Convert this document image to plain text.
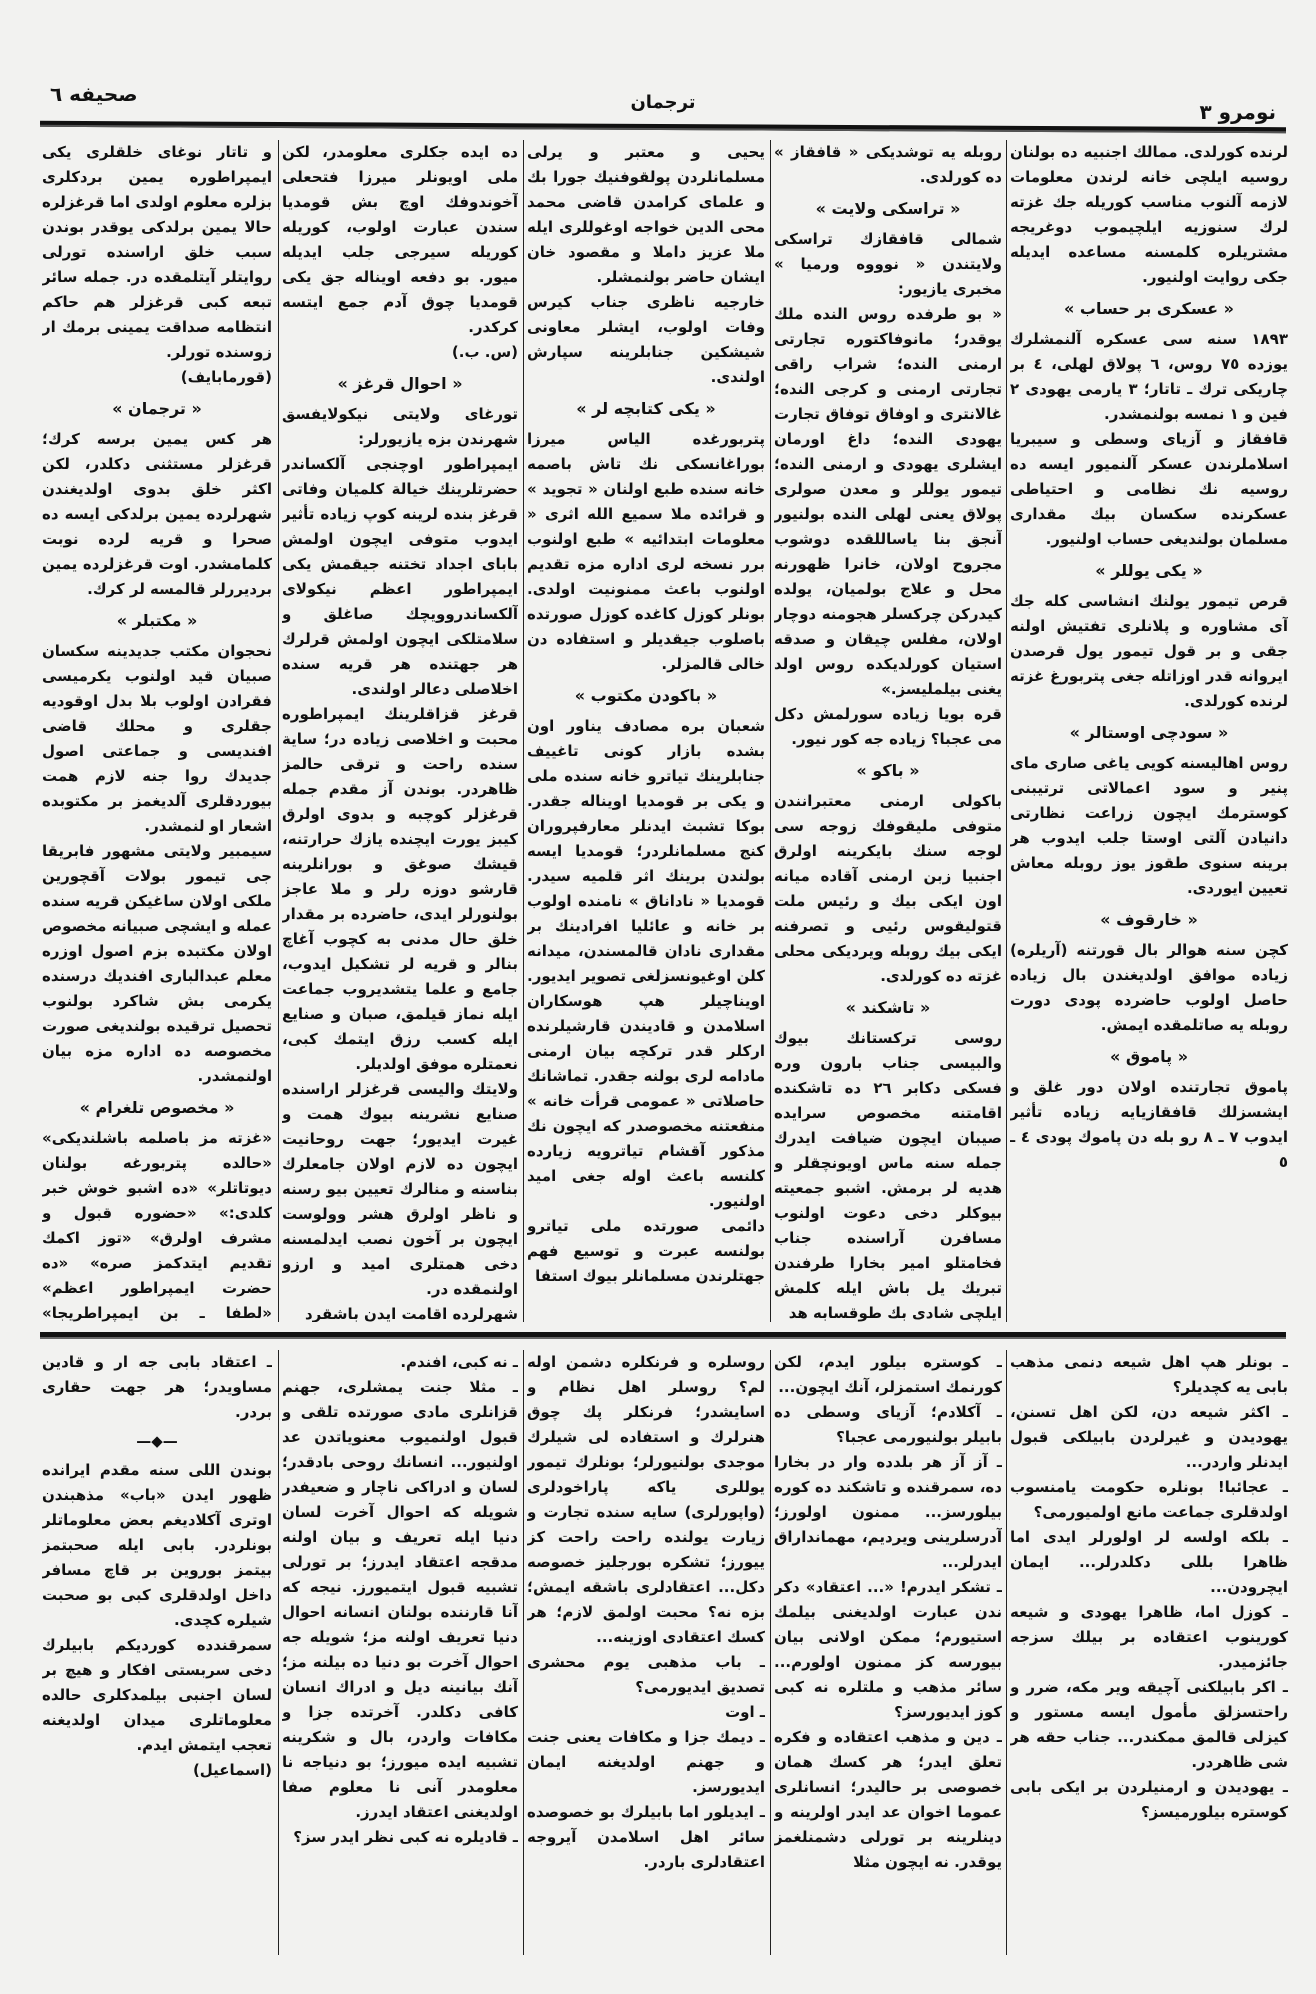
نومرو ٣
ترجمان
صحيفه ٦

لرنده كورلدى. ممالك اجنبيه ده بولنان روسيه ايلچى خانه لرندن معلومات لازمه آلنوب مناسب كوريله جك غزته لرك سنوزيه ايلچيموب دوغريجه مشتريلره كلمسنه مساعده ايديله جكى روايت اولنيور.

« عسكرى بر حساب »

١٨٩٣ سنه سى عسكره آلنمشلرك يوزده ٧٥ روس، ٦ پولاق لهلى، ٤ بر چاريكى ترك ـ تاتار؛ ٣ يارمى يهودى ٢ فين و ١ نمسه بولنمشدر.

قافقاز و آزياى وسطى و سيبريا اسلاملرندن عسكر آلنميور ايسه ده روسيه نك نظامى و احتياطى عسكرنده سكسان بيك مقدارى مسلمان بولنديغى حساب اولنيور.

« يكى يوللر »

قرص تيمور يولنك انشاسى كله جك آى مشاوره و پلانلرى تفتيش اولنه جقى و بر قول تيمور يول قرصدن ايروانه قدر اوزاتله جغى پتربورغ غزته لرنده كورلدى.

« سودچى اوستالر »

روس اهاليسنه كويى ياغى صارى ماى پنير و سود اعمالاتى ترتيبنى كوسترمك ايچون زراعت نظارتى دانيادن آلتى اوستا جلب ايدوب هر برينه سنوى طقوز يوز روبله معاش تعيين ايوردى.

« خارقوف »

كچن سنه هوالر بال قورتنه (آريلره) زياده موافق اولديغندن بال زياده حاصل اولوب حاضرده پودى دورت روبله يه صاتلمقده ايمش.

« پاموق »

پاموق تجارتنده اولان دور غلق و ايشسزلك قافقازيايه زياده تأثير ايدوب ٧ ـ ٨ رو بله دن پاموك پودى ٤ ـ ٥

روبله يه توشديكى « قافقاز » ده كورلدى.

« تراسكى ولايت »

شمالى قافقازك تراسكى ولايتندن « نوووه ورميا » مخبرى يازيور:

« بو طرفده روس النده ملك يوقدر؛ مانوفاكتوره تجارتى ارمنى النده؛ شراب راقى تجارتى ارمنى و كرجى النده؛ غالانترى و اوفاق توفاق تجارت يهودى النده؛ داغ اورمان ايشلرى يهودى و ارمنى النده؛ تيمور يوللر و معدن صولرى پولاق يعنى لهلى النده بولنيور آنجق بنا ياساللقده دوشوب مجروح اولان، خانرا ظهورنه محل و علاج بولميان، يولده كيدركن چركسلر هجومنه دوچار اولان، مفلس چيقان و صدقه استيان كورلديكده روس اولد يغنى بيلمليسز.»

قره بويا زياده سورلمش دكل مى عجبا؟ زياده جه كور نيور.

« باكو »

باكولى ارمنى معتبرانندن متوفى مليقوفك زوجه سى لوجه سنك بايكرينه اولرق اجنبيا زبن ارمنى آقاده ميانه اون ايكى بيك و رئيس ملت قتوليقوس رئيى و تصرفنه ايكى بيك روبله ويرديكى محلى غزته ده كورلدى.

« تاشكند »

روسى تركستانك بيوك والبيسى جناب بارون وره فسكى دكابر ٢٦ ده تاشكنده اقامتنه مخصوص سرايده صيبان ايچون ضيافت ايدرك جمله سنه ماس اويونچقلر و هديه لر برمش. اشبو جمعيته بيوكلر دخى دعوت اولنوب مسافرن آراسنده جناب فخامتلو امير بخارا طرفندن تبريك يل باش ايله كلمش ايلچى شادى بك طوقسابه هد

يحيى و معتبر و يرلى مسلمانلردن پولقوفنيك جورا بك و علماى كرامدن قاضى محمد محى الدين خواجه اوغوللرى ايله ملا عزيز داملا و مقصود خان ايشان حاضر بولنمشلر.

خارجيه ناظرى جناب كيرس وفات اولوب، ايشلر معاونى شيشكين جنابلرينه سپارش اولندى.

« يكى كتابچه لر »

پتربورغده الياس ميرزا بوراغانسكى نك تاش باصمه خانه سنده طبع اولنان « تجويد » و قرائده ملا سميع الله اثرى « معلومات ابتدائيه » طبع اولنوب برر نسخه لرى اداره مزه تقديم اولنوب باعث ممنونيت اولدى. بونلر كوزل كاغده كوزل صورتده باصلوب جيقديلر و استفاده دن خالى قالمزلر.

« باكودن مكتوب »

شعبان بره مصادف يناور اون بشده بازار كونى تاغييف جنابلرينك تياترو خانه سنده ملى و يكى بر قومديا اويناله جقدر. بوكا تشبث ايدنلر معارفپروران كنج مسلمانلردر؛ قومديا ايسه بولندن برينك اثر قلميه سيدر. قومديا « ناداناق » نامنده اولوب بر خانه و عائليا افرادينك بر مقدارى نادان قالمسندن، ميدانه كلن اوغيونسزلغى تصوير ايديور. اويناچيلر هپ هوسكاران اسلامدن و قاديندن قارشيلرنده اركلر قدر تركچه بيان ارمنى مادامه لرى بولنه جقدر. تماشانك حاصلاتى « عمومى قرأت خانه » منفعتنه مخصوصدر كه ايچون نك مذكور آقشام تياترويه زيارده كلنسه باعث اوله جغى اميد اولنيور.

دائمى صورتده ملى تياترو بولنسه عبرت و توسيع فهم جهتلرندن مسلمانلر بيوك استفا

ده ايده جكلرى معلومدر، لكن ملى اويونلر ميرزا فتحعلى آخوندوفك اوچ بش قومديا سندن عبارت اولوب، كوريله كوريله سيرجى جلب ايديله ميور. بو دفعه اويناله جق يكى قومديا چوق آدم جمع ايتسه كركدر.

(س. ب.)

« احوال قرغز »

تورغاى ولايتى نيكولايفسق شهرندن بزه يازيورلر:

ايمپراطور اوچنجى آلكساندر حضرتلرينك خيالة كلميان وفاتى قرغز بنده لرينه كوپ زياده تأثير ايدوب متوفى ايچون اولمش باباى اجداد تختنه جيقمش يكى ايمپراطور اعظم نيكولاى آلكساندروويچك صاغلق و سلامتلكى ايچون اولمش قرلرك هر جهتنده هر قريه سنده اخلاصلى دعالر اولندى.

قرغز قزاقلرينك ايمپراطوره محبت و اخلاصى زياده در؛ ساية سنده راحت و ترقى حالمز ظاهردر. بوندن آز مقدم جمله قرغزلر كوچبه و بدوى اولرق كيبز يورت ايچنده يازك حرارتنه، قيشك صوغق و بورانلرينه قارشو دوزه رلر و ملا عاجز بولنورلر ايدى، حاضرده بر مقدار خلق حال مدنى به كچوب آغاچ بنالر و قريه لر تشكيل ايدوب، جامع و علما يتشديروب جماعت ايله نماز قيلمق، صبان و صنايع ايله كسب رزق ايتمك كبى، نعمتلره موفق اولديلر.

ولايتك واليسى قرغزلر اراسنده صنايع نشرينه بيوك همت و غيرت ايديور؛ جهت روحانيت ايچون ده لازم اولان جامعلرك بناسنه و منالرك تعيين بيو رسنه و ناظر اولرق هشر وولوست ايچون بر آخون نصب ايدلمسنه دخى همتلرى اميد و ارزو اولنمقده در.

شهرلرده اقامت ايدن باشقرد

و تاتار نوغاى خلقلرى يكى ايمپراطوره يمين بردكلرى بزلره معلوم اولدى اما قرغزلره حالا يمين برلدكى يوقدر بوندن سبب خلق اراسنده تورلى روايتلر آيتلمقده در. جمله سائر تبعه كبى قرغزلر هم حاكم انتظامه صداقت يمينى برمك ار زوسنده تورلر.

(قورمابايف)

« ترجمان »

هر كس يمين برسه كرك؛ قرغزلر مستثنى دكلدر، لكن اكثر خلق بدوى اولديغندن شهرلرده يمين برلدكى ايسه ده صحرا و قريه لرده نوبت كلمامشدر. اوت قرغزلرده يمين برديررلر قالمسه لر كرك.

« مكتبلر »

نحجوان مكتب جديدينه سكسان صبيان قيد اولنوب يكرميسى فقرادن اولوب بلا بدل اوقوديه جقلرى و محلك قاضى افنديسى و جماعتى اصول جديدك روا جنه لازم همت بيوردقلرى آلديغمز بر مكتوبده اشعار او لنمشدر.

سيمبير ولايتى مشهور فابريقا جى تيمور بولات آقچورين ملكى اولان ساغيكن قريه سنده عمله و ايشچى صبيانه مخصوص اولان مكتبده بزم اصول اوزره معلم عبدالبارى افنديك درسنده يكرمى بش شاكرد بولنوب تحصيل ترقيده بولنديغى صورت مخصوصه ده اداره مزه بيان اولنمشدر.

« مخصوص تلغرام »

«غزته مز باصلمه باشلنديكى» «حالده پتربورغه بولنان ديوتاتلر» «ده اشبو خوش خبر كلدى:» «حضوره قبول و مشرف اولرق» «توز اكمك تقديم ايتدكمز صره» «ده حضرت ايمپراطور اعظم» «لطفا ـ بن ايمپراطريجا»

ـ بونلر هپ اهل شيعه دنمى مذهب بابى يه كچديلر؟

ـ اكثر شيعه دن، لكن اهل تسنن، يهوديدن و غيرلردن بابيلكى قبول ايدنلر واردر...

ـ عجائبا! بونلره حكومت يامنسوب اولدقلرى جماعت مانع اولميورمى؟

ـ بلكه اولسه لر اولورلر ايدى اما ظاهرا بللى دكلدرلر... ايمان ايچرودن...

ـ كوزل اما، ظاهرا يهودى و شيعه كورينوب اعتقاده بر بيلك سزجه جائزميدر.

ـ اكر بابيلكنى آچيقه وير مكه، ضرر و راحتسزلق مأمول ايسه مستور و كيزلى قالمق ممكندر... جناب حقه هر شى ظاهردر.

ـ يهوديدن و ارمنيلردن بر ايكى بابى كوستره بيلورميسز؟

ـ كوستره بيلور ايدم، لكن كورنمك استمزلر، آنك ايچون...

ـ آكلادم؛ آزياى وسطى ده بابيلر بولنيورمى عجبا؟

ـ آز آز هر بلدده وار در بخارا ده، سمرقنده و تاشكند ده كوره بيلورسز... ممنون اولورز؛ آدرسلرينى ويرديم، مهمانداراق ايدرلر...

ـ تشكر ايدرم! «... اعتقاد» دكر ندن عبارت اولديغنى بيلمك استيورم؛ ممكن اولانى بيان بيورسه كز ممنون اولورم... سائر مذهب و ملتلره نه كبى كوز ايديورسز؟

ـ دين و مذهب اعتقاده و فكره تعلق ايدر؛ هر كسك همان خصوصى بر حاليدر؛ انسانلرى عموما اخوان عد ايدر اولرينه و دينلرينه بر تورلى دشمنلغمز يوقدر. نه ايچون مثلا

روسلره و فرنكلره دشمن اوله لم؟ روسلر اهل نظام و اسايشدر؛ فرنكلر پك چوق هنرلرك و استفاده لى شيلرك موجدى بولنيورلر؛ بونلرك تيمور يوللرى ياكه پاراخودلرى (واپورلرى) سايه سنده تجارت و زيارت يولنده راحت راحت كز ييورز؛ تشكره بورجليز خصوصه دكل... اعتقادلرى باشقه ايمش؛ بزه نه؟ محبت اولمق لازم؛ هر كسك اعتقادى اوزينه...

ـ باب مذهبى يوم محشرى تصديق ايديورمى؟

ـ اوت

ـ ديمك جزا و مكافات يعنى جنت و جهنم اولديغنه ايمان ايديورسز.

ـ ايديلور اما بابيلرك بو خصوصده سائر اهل اسلامدن آيروجه اعتقادلرى باردر.

ـ نه كبى، افندم.

ـ مثلا جنت يمشلرى، جهنم قزانلرى مادى صورتده تلقى و قبول اولنميوب معنوياتدن عد اولنيور... انسانك روحى بادقدر؛ لسان و ادراكى ناچار و ضعيفدر شويله كه احوال آخرت لسان دنيا ايله تعريف و بيان اولنه مدقجه اعتقاد ايدرز؛ بر تورلى تشبيه قبول ايتميورز. نيجه كه آنا قارننده بولنان انسانه احوال دنيا تعريف اولنه مز؛ شويله جه احوال آخرت بو دنيا ده بيلنه مز؛ آنك بيانينه ديل و ادراك انسان كافى دكلدر. آخرتده جزا و مكافات واردر، بال و شكرينه تشبيه ايده ميورز؛ بو دنياجه نا معلومدر آنى نا معلوم صفا اولديغنى اعتقاد ايدرز.

ـ قاديلره نه كبى نظر ايدر سز؟

ـ اعتقاد بابى جه ار و قادين مساويدر؛ هر جهت حقارى بردر.

—◆—

بوندن اللى سنه مقدم ايرانده ظهور ايدن «باب» مذهبندن اوترى آكلاديغم بعض معلوماتلر بونلردر. بابى ايله صحبتمز بيتمز بوروين بر قاچ مسافر داخل اولدقلرى كبى بو صحبت شيلره كچدى.

سمرقندده كورديكم بابيلرك دخى سربستى افكار و هيچ بر لسان اجنبى بيلمدكلرى حالده معلوماتلرى ميدان اولديغنه تعجب ايتمش ايدم.

(اسماعيل)
